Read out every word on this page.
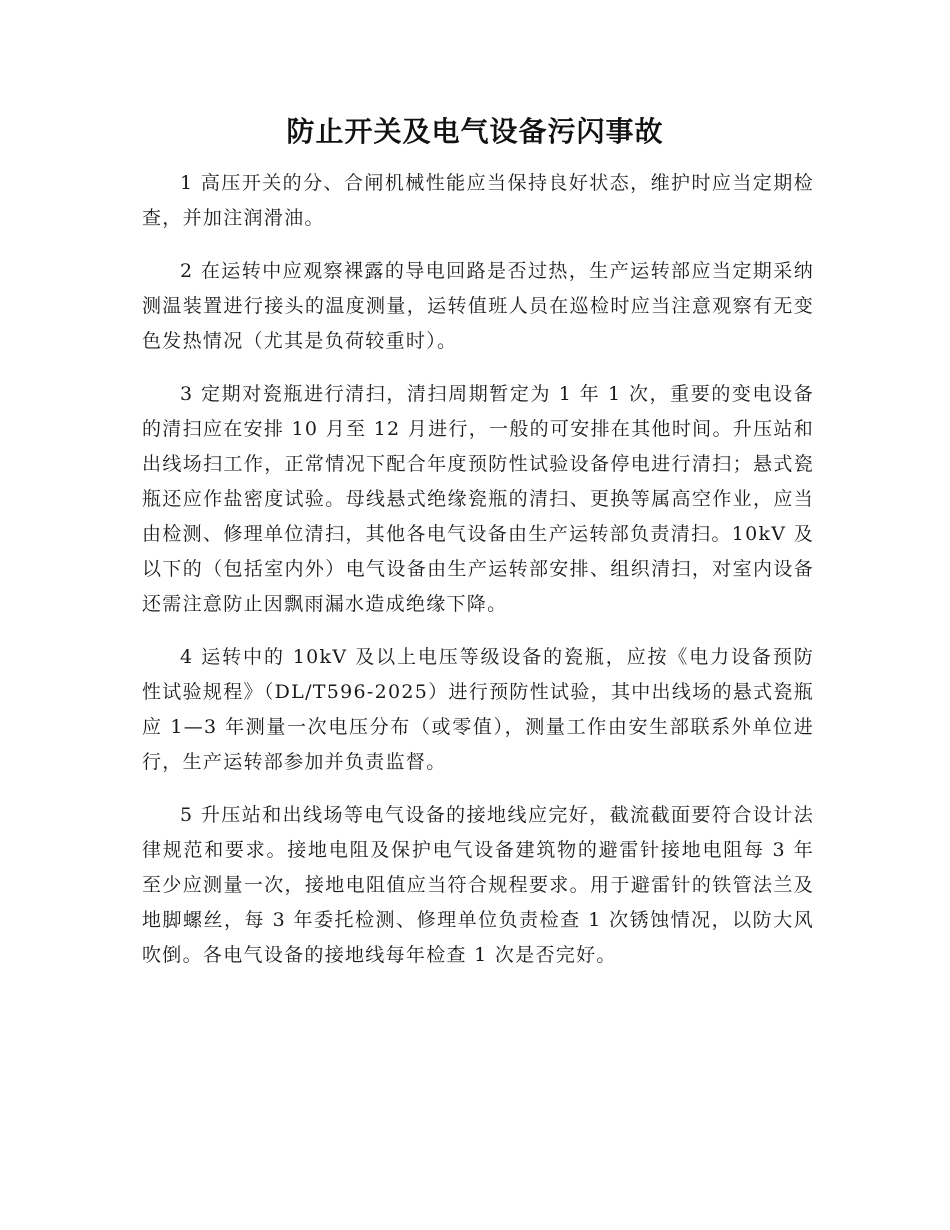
防止开关及电气设备污闪事故

1 高压开关的分、合闸机械性能应当保持良好状态，维护时应当定期检查，并加注润滑油。

2 在运转中应观察裸露的导电回路是否过热，生产运转部应当定期采纳测温装置进行接头的温度测量，运转值班人员在巡检时应当注意观察有无变色发热情况（尤其是负荷较重时）。

3 定期对瓷瓶进行清扫，清扫周期暂定为 1 年 1 次，重要的变电设备的清扫应在安排 10 月至 12 月进行，一般的可安排在其他时间。升压站和出线场扫工作，正常情况下配合年度预防性试验设备停电进行清扫；悬式瓷瓶还应作盐密度试验。母线悬式绝缘瓷瓶的清扫、更换等属高空作业，应当由检测、修理单位清扫，其他各电气设备由生产运转部负责清扫。10kV 及以下的（包括室内外）电气设备由生产运转部安排、组织清扫，对室内设备还需注意防止因飘雨漏水造成绝缘下降。

4 运转中的 10kV 及以上电压等级设备的瓷瓶，应按《电力设备预防性试验规程》（DL/T596-2025）进行预防性试验，其中出线场的悬式瓷瓶应 1—3 年测量一次电压分布（或零值），测量工作由安生部联系外单位进行，生产运转部参加并负责监督。

5 升压站和出线场等电气设备的接地线应完好，截流截面要符合设计法律规范和要求。接地电阻及保护电气设备建筑物的避雷针接地电阻每 3 年至少应测量一次，接地电阻值应当符合规程要求。用于避雷针的铁管法兰及地脚螺丝，每 3 年委托检测、修理单位负责检查 1 次锈蚀情况，以防大风吹倒。各电气设备的接地线每年检查 1 次是否完好。
